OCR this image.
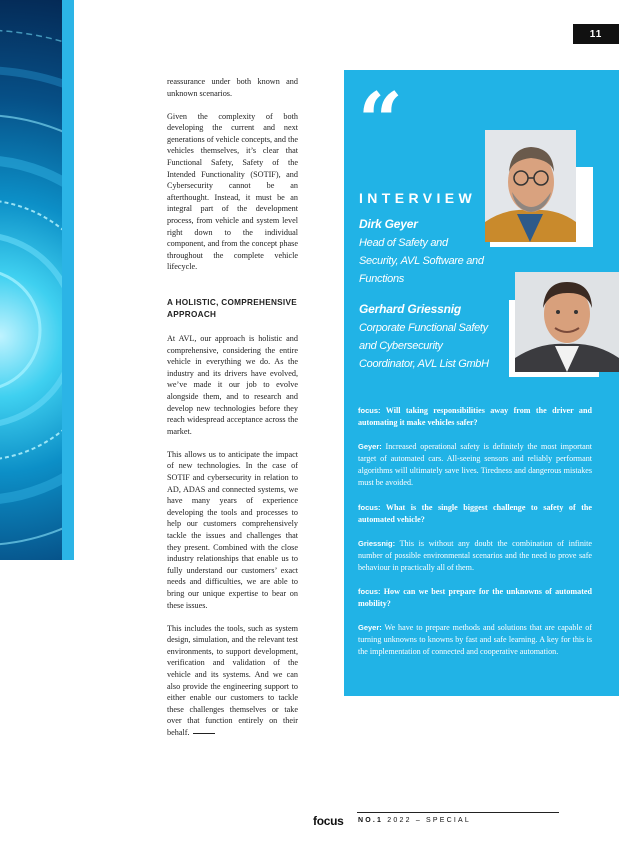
11

reassurance under both known and unknown scenarios.

Given the complexity of both developing the current and next generations of vehicle concepts, and the vehicles themselves, it’s clear that Functional Safety, Safety of the Intended Functionality (SOTIF), and Cybersecurity cannot be an afterthought. Instead, it must be an integral part of the development process, from vehicle and system level right down to the individual component, and from the concept phase throughout the complete vehicle lifecycle.

A HOLISTIC, COMPREHENSIVE APPROACH

At AVL, our approach is holistic and comprehensive, considering the entire vehicle in everything we do. As the industry and its drivers have evolved, we’ve made it our job to evolve alongside them, and to research and develop new technologies before they reach widespread acceptance across the market.

This allows us to anticipate the impact of new technologies. In the case of SOTIF and cybersecurity in relation to AD, ADAS and connected systems, we have many years of experience developing the tools and processes to help our customers comprehensively tackle the issues and challenges that they present. Combined with the close industry relationships that enable us to fully understand our customers’ exact needs and difficulties, we are able to bring our unique expertise to bear on these issues.

This includes the tools, such as system design, simulation, and the relevant test environments, to support development, verification and validation of the vehicle and its systems. And we can also provide the engineering support to either enable our customers to tackle these challenges themselves or take over that function entirely on their behalf.

“
INTERVIEW
Dirk Geyer
Head of Safety and Security, AVL Software and Functions
Gerhard Griessnig
Corporate Functional Safety and Cybersecurity Coordinator, AVL List GmbH

focus: Will taking responsibilities away from the driver and automating it make vehicles safer?

Geyer: Increased operational safety is definitely the most important target of automated cars. All-seeing sensors and reliably performant algorithms will ultimately save lives. Tiredness and dangerous mistakes must be avoided.

focus: What is the single biggest challenge to safety of the automated vehicle?

Griessnig: This is without any doubt the combination of infinite number of possible environmental scenarios and the need to prove safe behaviour in practically all of them.

focus: How can we best prepare for the unknowns of automated mobility?

Geyer: We have to prepare methods and solutions that are capable of turning unknowns to knowns by fast and safe learning. A key for this is the implementation of connected and cooperative automation.

focus NO.1 2022 – SPECIAL
